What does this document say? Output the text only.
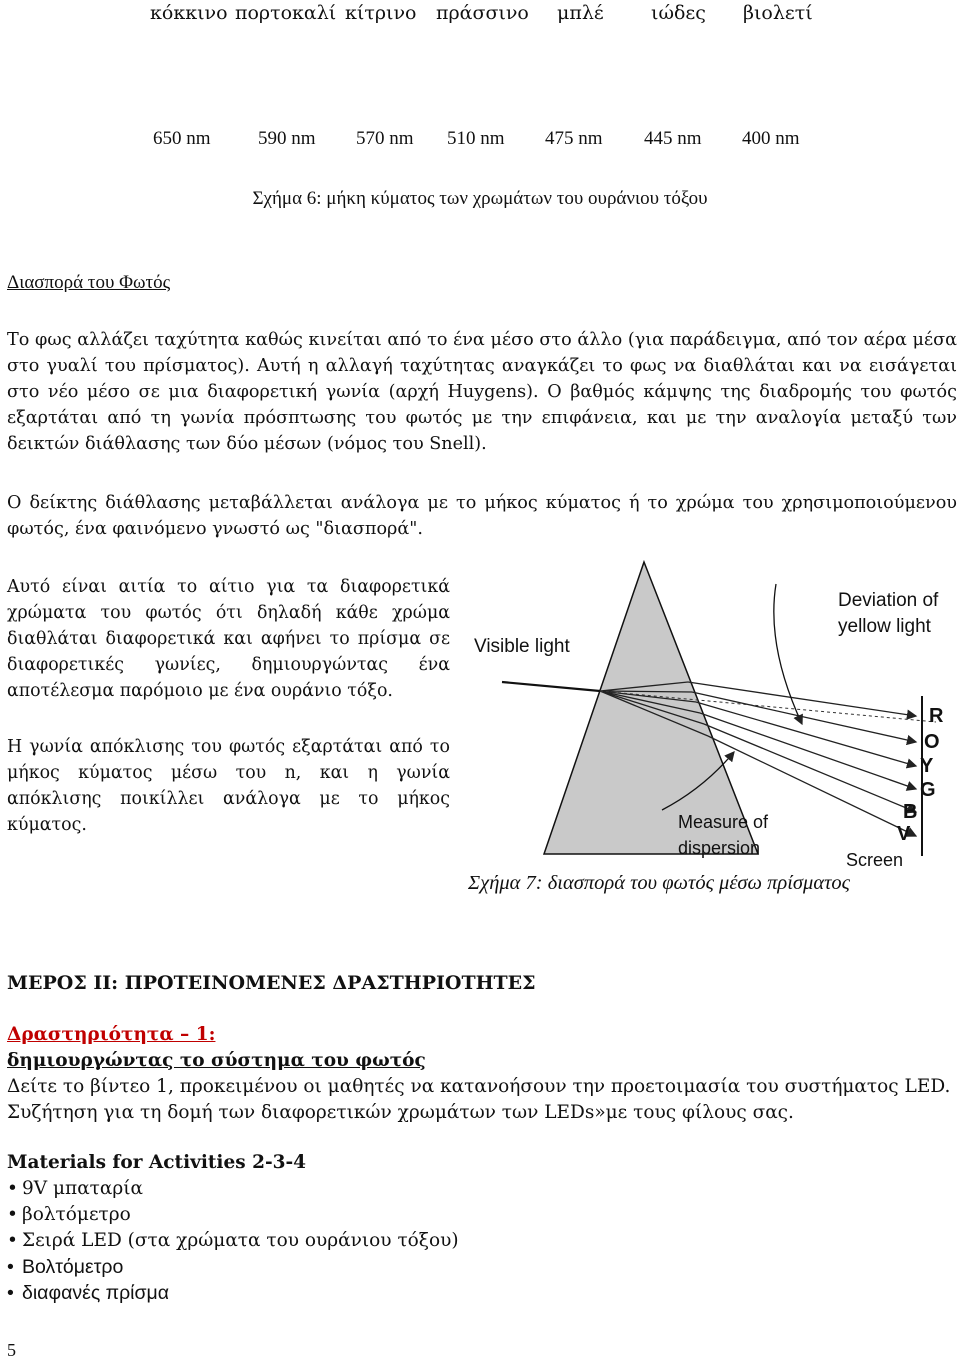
κόκκινο πορτοκαλί κίτρινο πράσσινο μπλέ ιώδες βιολετί
650 nm 590 nm 570 nm 510 nm 475 nm 445 nm 400 nm
Σχήμα 6: μήκη κύματος των χρωμάτων του ουράνιου τόξου
Διασπορά του Φωτός
Το φως αλλάζει ταχύτητα καθώς κινείται από το ένα μέσο στο άλλο (για παράδειγμα, από τον αέρα μέσα στο γυαλί του πρίσματος). Αυτή η αλλαγή ταχύτητας αναγκάζει το φως να διαθλάται και να εισάγεται στο νέο μέσο σε μια διαφορετική γωνία (αρχή Huygens). Ο βαθμός κάμψης της διαδρομής του φωτός εξαρτάται από τη γωνία πρόσπτωσης του φωτός με την επιφάνεια, και με την αναλογία μεταξύ των δεικτών διάθλασης των δύο μέσων (νόμος του Snell).
Ο δείκτης διάθλασης μεταβάλλεται ανάλογα με το μήκος κύματος ή το χρώμα του χρησιμοποιούμενου φωτός, ένα φαινόμενο γνωστό ως "διασπορά".
Αυτό είναι αιτία το αίτιο για τα διαφορετικά χρώματα του φωτός ότι δηλαδή κάθε χρώμα διαθλάται διαφορετικά και αφήνει το πρίσμα σε διαφορετικές γωνίες, δημιουργώντας ένα αποτέλεσμα παρόμοιο με ένα ουράνιο τόξο.
Η γωνία απόκλισης του φωτός εξαρτάται από το μήκος κύματος μέσω του n, και η γωνία απόκλισης ποικίλλει ανάλογα με το μήκος κύματος.
Visible light
Deviation of
yellow light
Measure of
dispersion
Screen
R
O
Y
G
B
V
Σχήμα 7: διασπορά του φωτός μέσω πρίσματος
ΜΕΡΟΣ ΙΙ: ΠΡΟΤΕΙΝΟΜΕΝΕΣ ΔΡΑΣΤΗΡΙΟΤΗΤΕΣ
Δραστηριότητα – 1:
δημιουργώντας το σύστημα του φωτός
Δείτε το βίντεο 1, προκειμένου οι μαθητές να κατανοήσουν την προετοιμασία του συστήματος LED.
Συζήτηση για τη δομή των διαφορετικών χρωμάτων των LEDs»με τους φίλους σας.
Materials for Activities 2-3-4
• 9V μπαταρία
• βολτόμετρο
• Σειρά LED (στα χρώματα του ουράνιου τόξου)
• Βολτόμετρο
• διαφανές πρίσμα
5
